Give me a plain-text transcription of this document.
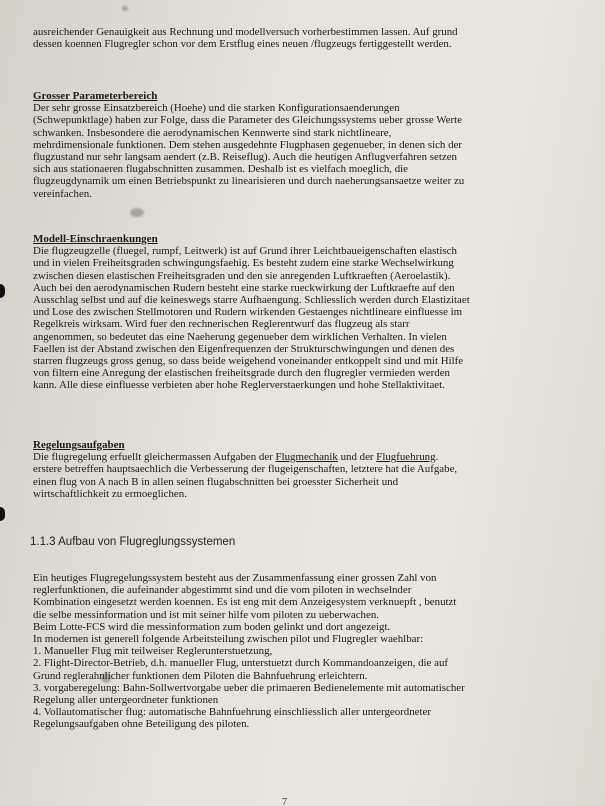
ausreichender Genauigkeit aus Rechnung und modellversuch vorherbestimmen lassen. Auf grund

dessen koennen Flugregler schon vor dem Erstflug eines neuen /flugzeugs fertiggestellt werden.

Grosser Parameterbereich

Der sehr grosse Einsatzbereich (Hoehe) und die starken Konfigurationsaenderungen

(Schwepunktlage) haben zur Folge, dass die Parameter des Gleichungssystems ueber grosse Werte

schwanken. Insbesondere die aerodynamischen Kennwerte sind stark nichtlineare,

mehrdimensionale funktionen. Dem stehen ausgedehnte Flugphasen gegenueber, in denen sich der

flugzustand nur sehr langsam aendert (z.B. Reiseflug). Auch die heutigen Anflugverfahren setzen

sich aus stationaeren flugabschnitten zusammen. Deshalb ist es vielfach moeglich, die

flugzeugdynamik um einen Betriebspunkt zu linearisieren und durch naeherungsansaetze weiter zu

vereinfachen.

Modell-Einschraenkungen

Die flugzeugzelle (fluegel, rumpf, Leitwerk) ist auf Grund ihrer Leichtbaueigenschaften elastisch

und in vielen Freiheitsgraden schwingungsfaehig. Es besteht zudem eine starke Wechselwirkung

zwischen diesen elastischen Freiheitsgraden und den sie anregenden Luftkraeften (Aeroelastik).

Auch bei den aerodynamischen Rudern besteht eine starke rueckwirkung der Luftkraefte auf den

Ausschlag selbst und auf die keineswegs starre Aufhaengung. Schliesslich werden durch Elastizitaet

und Lose des zwischen Stellmotoren und Rudern wirkenden Gestaenges nichtlineare einfluesse im

Regelkreis wirksam. Wird fuer den rechnerischen Reglerentwurf das flugzeug als starr

angenommen, so bedeutet das eine Naeherung gegenueber dem wirklichen Verhalten. In vielen

Faellen ist der Abstand zwischen den Eigenfrequenzen der Strukturschwingungen und denen des

starren flugzeugs gross genug, so dass beide weigehend voneinander entkoppelt sind und mit Hilfe

von filtern eine Anregung der elastischen freiheitsgrade durch den flugregler vermieden werden

kann. Alle diese einfluesse verbieten aber hohe Reglerverstaerkungen und hohe Stellaktivitaet.

Regelungsaufgaben

Die flugregelung erfuellt gleichermassen Aufgaben der Flugmechanik und der Flugfuehrung.

erstere betreffen hauptsaechlich die Verbesserung der flugeigenschaften, letztere hat die Aufgabe,

einen flug von A nach B in allen seinen flugabschnitten bei groesster Sicherheit und

wirtschaftlichkeit zu ermoeglichen.

1.1.3 Aufbau von Flugreglungssystemen

Ein heutiges Flugregelungssystem besteht aus der Zusammenfassung einer grossen Zahl von

reglerfunktionen, die aufeinander abgestimmt sind und die vom piloten in wechselnder

Kombination eingesetzt werden koennen. Es ist eng mit dem Anzeigesystem verknuepft , benutzt

die selbe messinformation und ist mit seiner hilfe vom piloten zu ueberwachen.

Beim Lotte-FCS wird die messinformation zum boden gelinkt und dort angezeigt.

In modernen ist generell folgende Arbeitsteilung zwischen pilot und Flugregler waehlbar:

1. Manueller Flug mit teilweiser Reglerunterstuetzung,

2. Flight-Director-Betrieb, d.h. manueller Flug, unterstuetzt durch Kommandoanzeigen, die auf

Grund reglerahnlicher funktionen dem Piloten die Bahnfuehrung erleichtern.

3. vorgaberegelung: Bahn-Sollwertvorgabe ueber die primaeren Bedienelemente mit automatischer

Regelung aller untergeordneter funktionen

4. Vollautomatischer flug: automatische Bahnfuehrung einschliesslich aller untergeordneter

Regelungsaufgaben ohne Beteiligung des piloten.

7
